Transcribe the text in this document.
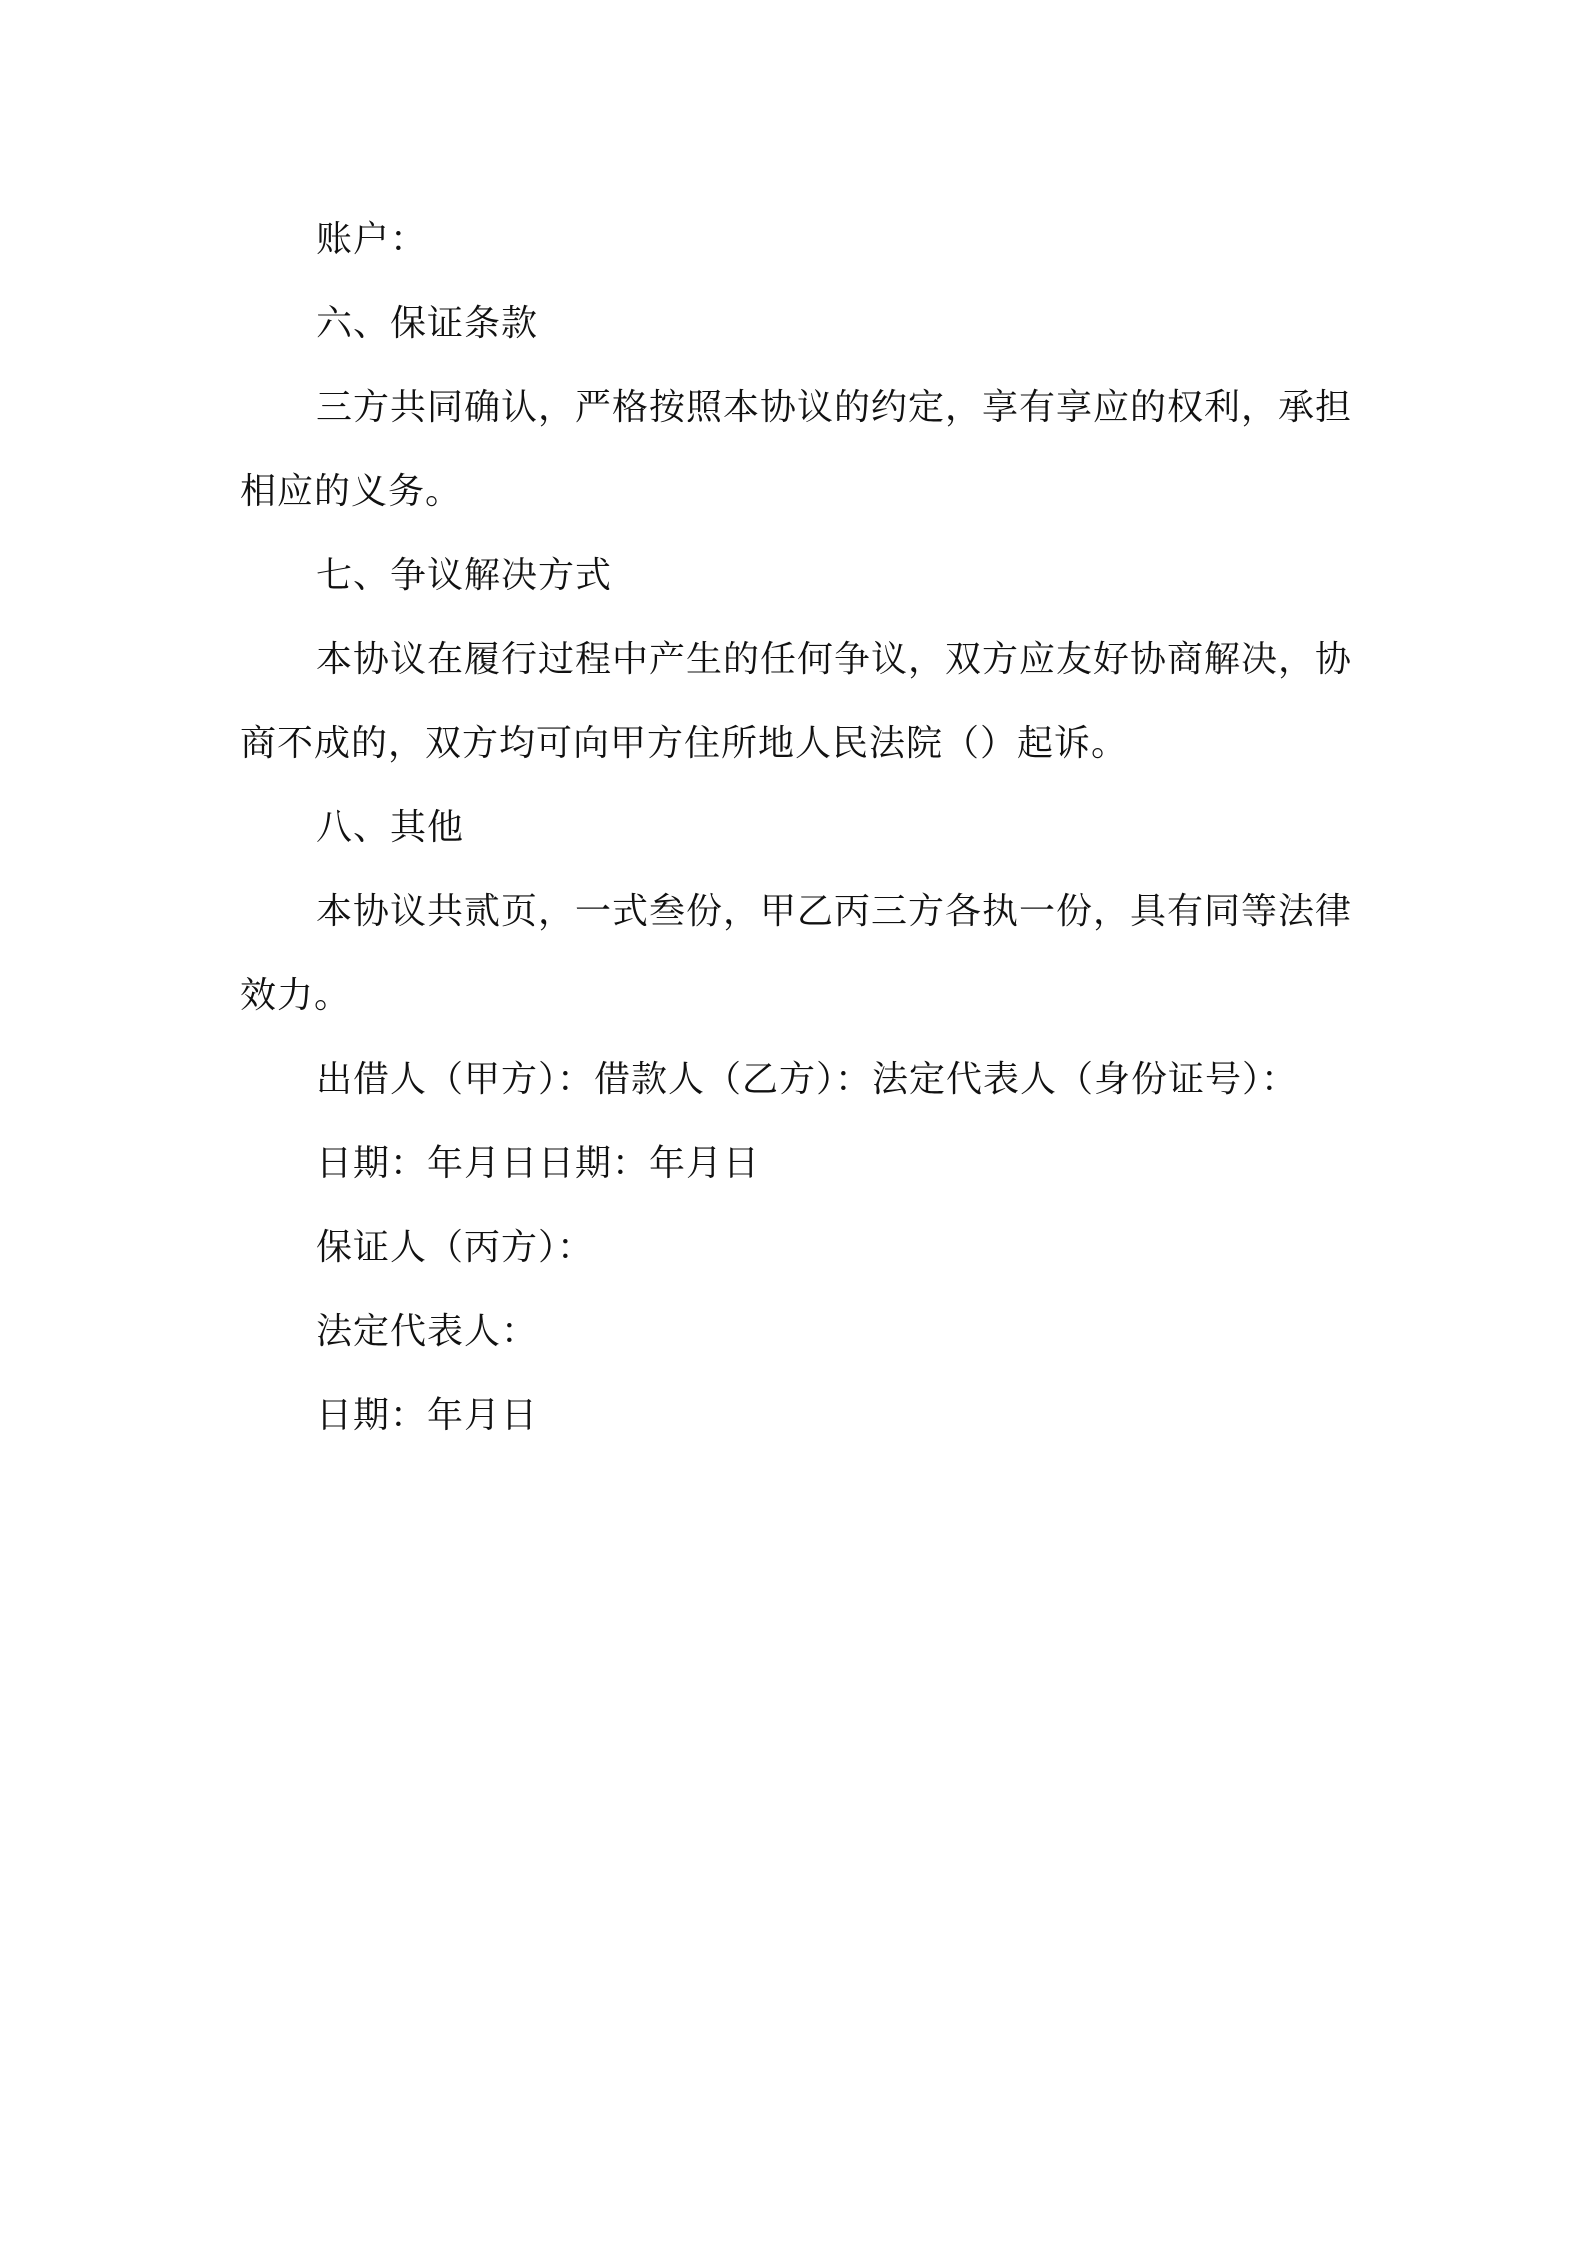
账户：
六、保证条款
三方共同确认，严格按照本协议的约定，享有享应的权利，承担
相应的义务。
七、争议解决方式
本协议在履行过程中产生的任何争议，双方应友好协商解决，协
商不成的，双方均可向甲方住所地人民法院（）起诉。
八、其他
本协议共贰页，一式叁份，甲乙丙三方各执一份，具有同等法律
效力。
出借人（甲方）：借款人（乙方）：法定代表人（身份证号）：
日期：年月日日期：年月日
保证人（丙方）：
法定代表人：
日期：年月日
